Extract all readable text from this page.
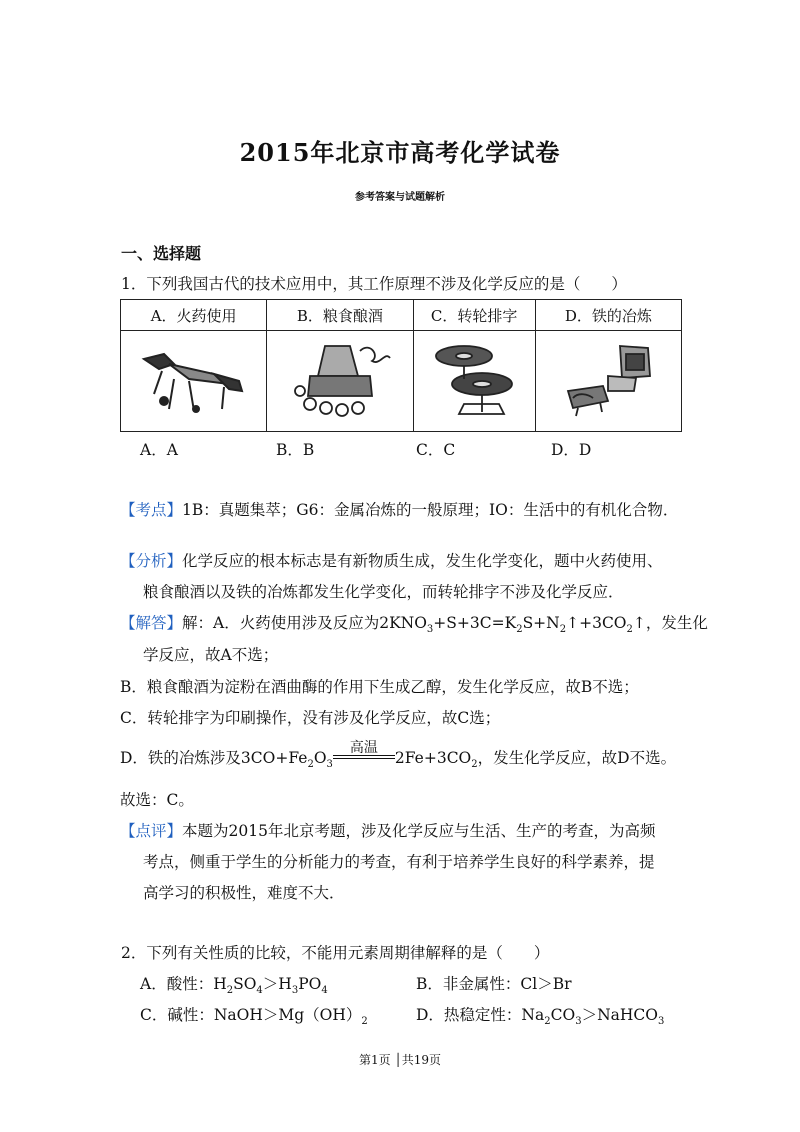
2015年北京市高考化学试卷
参考答案与试题解析
一、选择题
1．下列我国古代的技术应用中，其工作原理不涉及化学反应的是（　　）
A．火药使用	B．粮食酿酒	C．转轮排字	D．铁的冶炼

A．A	B．B	C．C	D．D
【考点】1B：真题集萃；G6：金属冶炼的一般原理；IO：生活中的有机化合物．
【分析】化学反应的根本标志是有新物质生成，发生化学变化，题中火药使用、
粮食酿酒以及铁的冶炼都发生化学变化，而转轮排字不涉及化学反应．
【解答】解：A．火药使用涉及反应为$2KNO_3+S+3C=K_2S+N_2↑+3CO_2↑$，发生化
学反应，故A不选；
B．粮食酿酒为淀粉在酒曲酶的作用下生成乙醇，发生化学反应，故B不选；
C．转轮排字为印刷操作，没有涉及化学反应，故C选；
D．铁的冶炼涉及$3CO+Fe_2O_3$
高温
$2Fe+3CO_2$，发生化学反应，故D不选。
故选：C。
【点评】本题为2015年北京考题，涉及化学反应与生活、生产的考查，为高频
考点，侧重于学生的分析能力的考查，有利于培养学生良好的科学素养，提
高学习的积极性，难度不大．
2．下列有关性质的比较，不能用元素周期律解释的是（　　）
A．酸性：$H_2SO_4>H_3PO_4$	B．非金属性：Cl＞Br
C．碱性：$NaOH>Mg(OH)_2$	D．热稳定性：$Na_2CO_3>NaHCO_3$
第1页 │共19页
